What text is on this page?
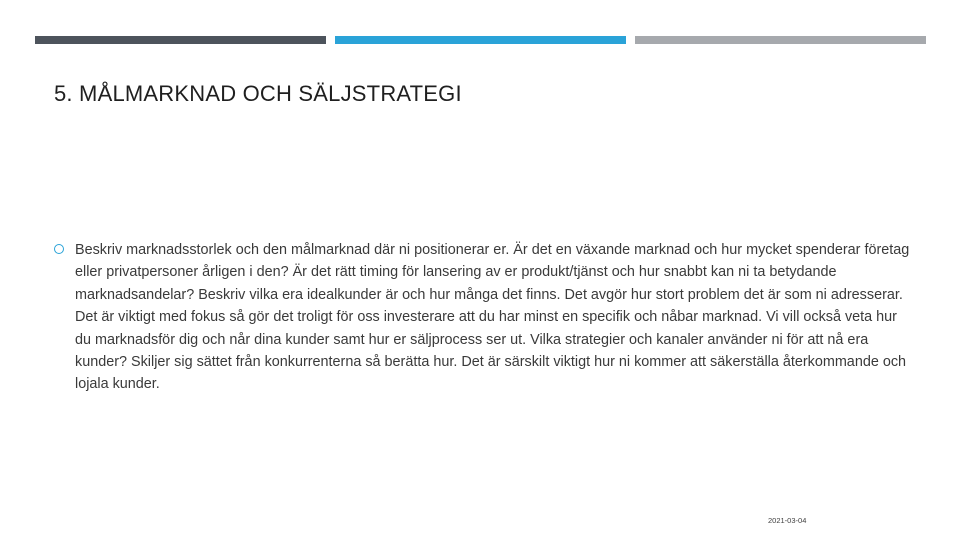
5. MÅLMARKNAD OCH SÄLJSTRATEGI

Beskriv marknadsstorlek och den målmarknad där ni positionerar er. Är det en växande marknad och hur mycket spenderar företag eller privatpersoner årligen i den? Är det rätt timing för lansering av er produkt/tjänst och hur snabbt kan ni ta betydande marknadsandelar? Beskriv vilka era idealkunder är och hur många det finns. Det avgör hur stort problem det är som ni adresserar. Det är viktigt med fokus så gör det troligt för oss investerare att du har minst en specifik och nåbar marknad. Vi vill också veta hur du marknadsför dig och når dina kunder samt hur er säljprocess ser ut. Vilka strategier och kanaler använder ni för att nå era kunder? Skiljer sig sättet från konkurrenterna så berätta hur. Det är särskilt viktigt hur ni kommer att säkerställa återkommande och lojala kunder.

2021-03-04
